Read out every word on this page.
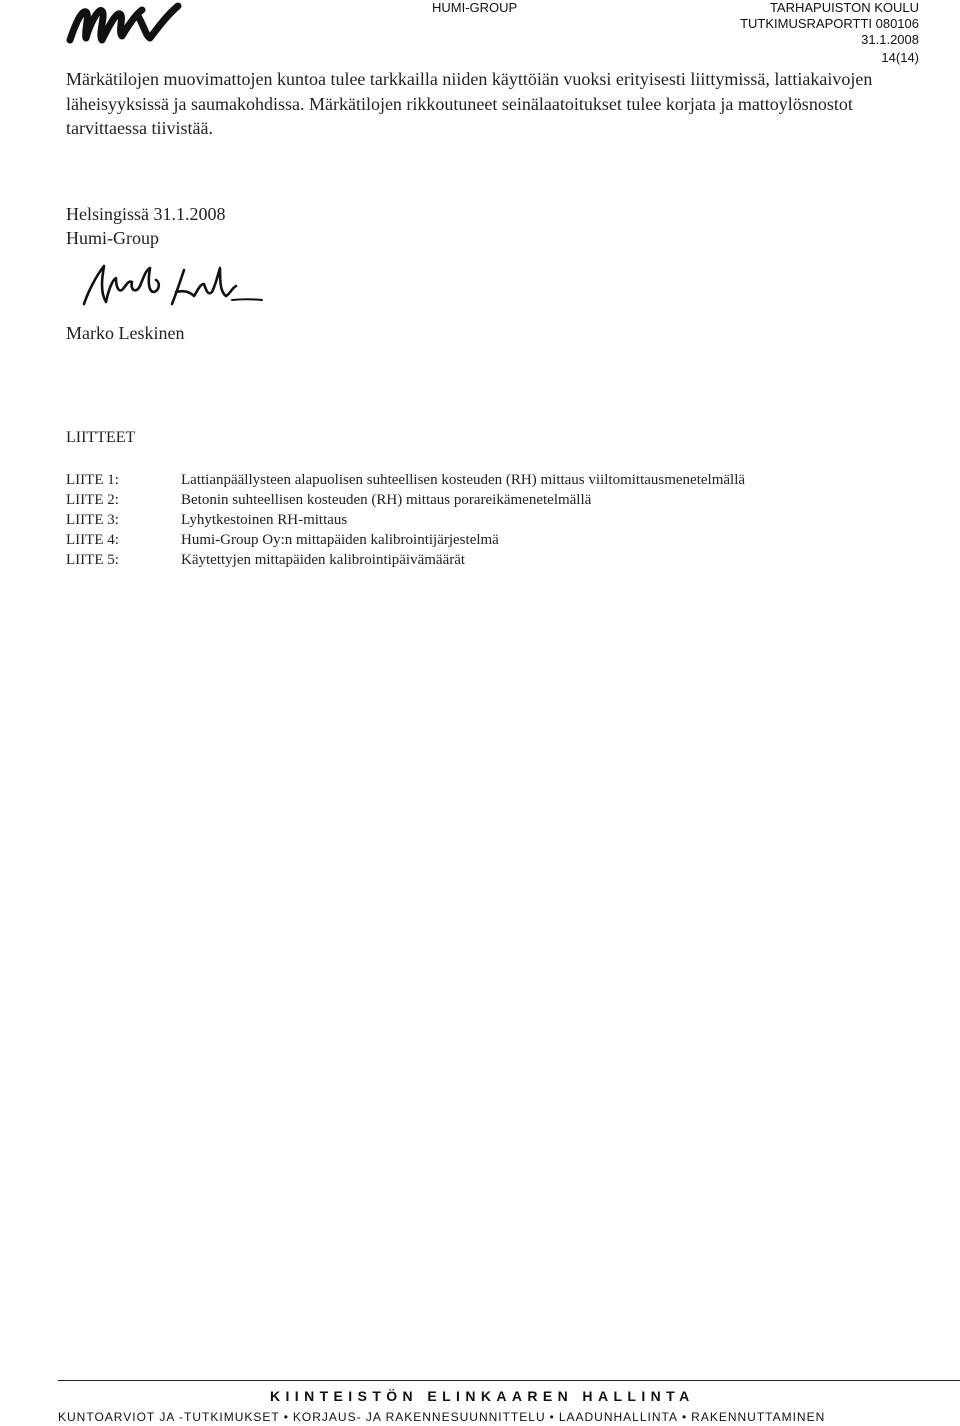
HUMI-GROUP	TARHAPUISTON KOULU
TUTKIMUSRAPORTTI 080106
31.1.2008
14(14)
Märkätilojen muovimattojen kuntoa tulee tarkkailla niiden käyttöiän vuoksi erityisesti liittymissä, lattiakaivojen läheisyyksissä ja saumakohdissa. Märkätilojen rikkoutuneet seinälaatoitukset tulee korjata ja mattoylösnostot tarvittaessa tiivistää.
Helsingissä 31.1.2008
Humi-Group
Marko Leskinen
LIITTEET
LIITE 1:	Lattianpäällysteen alapuolisen suhteellisen kosteuden (RH) mittaus viiltomittausmenetelmällä
LIITE 2:	Betonin suhteellisen kosteuden (RH) mittaus porareikämenetelmällä
LIITE 3:	Lyhytkestoinen RH-mittaus
LIITE 4:	Humi-Group Oy:n mittapäiden kalibrointijärjestelmä
LIITE 5:	Käytettyjen mittapäiden kalibrointipäivämäärät
KIINTEISTÖN ELINKAAREN HALLINTA
KUNTOARVIOT JA -TUTKIMUKSET • KORJAUS- JA RAKENNESUUNNITTELU • LAADUNHALLINTA • RAKENNUTTAMINEN
